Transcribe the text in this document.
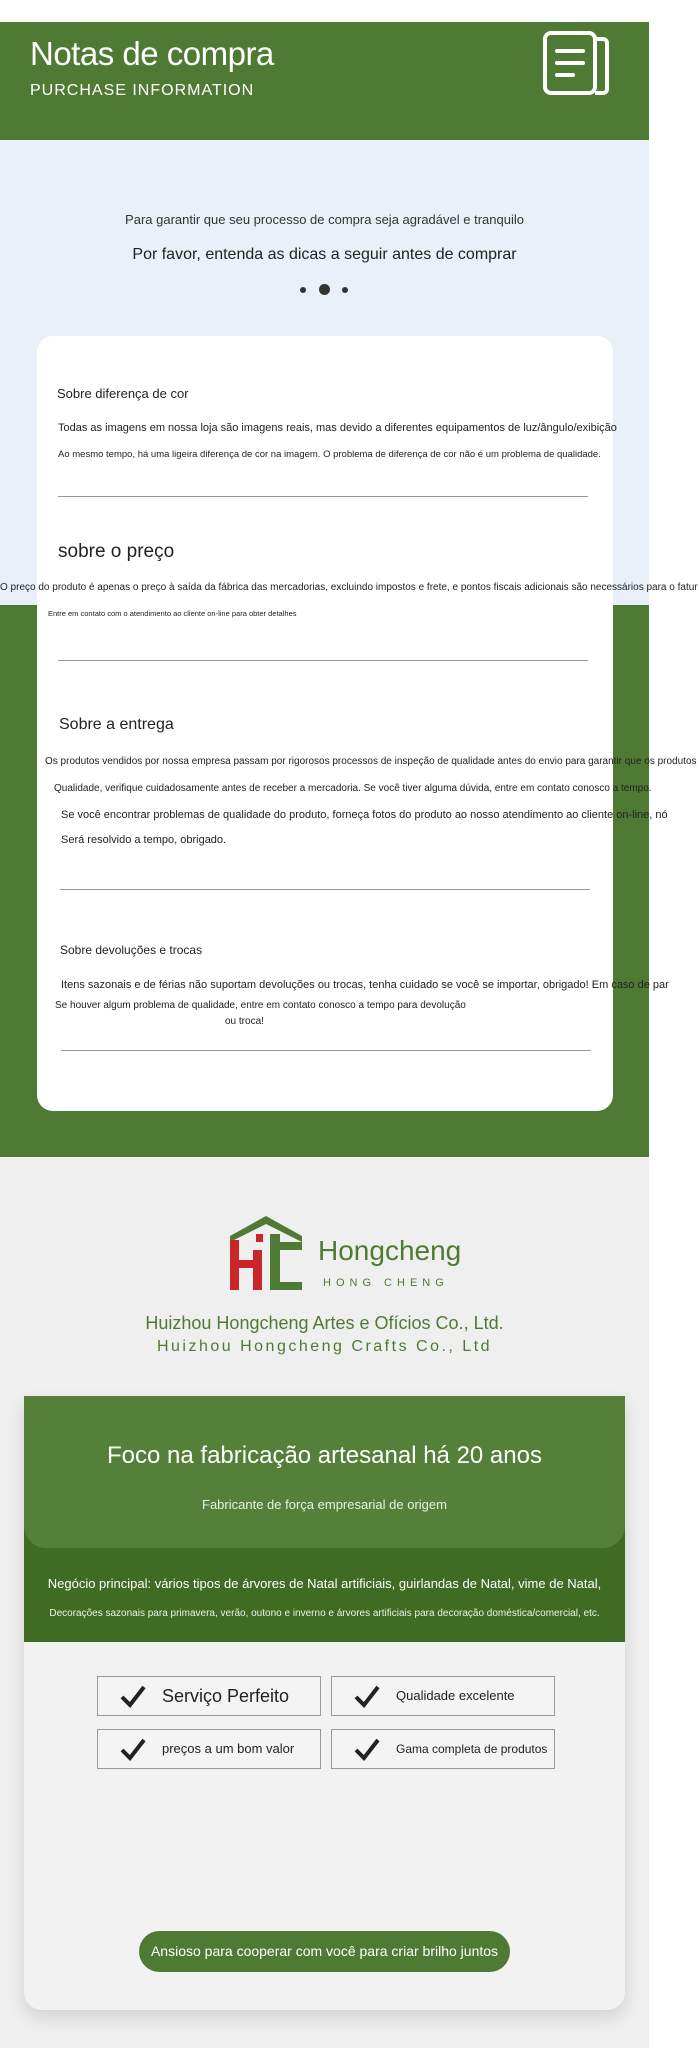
Notas de compra
PURCHASE INFORMATION
Para garantir que seu processo de compra seja agradável e tranquilo
Por favor, entenda as dicas a seguir antes de comprar
Sobre diferença de cor
Todas as imagens em nossa loja são imagens reais, mas devido a diferentes equipamentos de luz/ângulo/exibição
Ao mesmo tempo, há uma ligeira diferença de cor na imagem. O problema de diferença de cor não é um problema de qualidade.
sobre o preço
O preço do produto é apenas o preço à saída da fábrica das mercadorias, excluindo impostos e frete, e pontos fiscais adicionais são necessários para o fatur
Entre em contato com o atendimento ao cliente on-line para obter detalhes
Sobre a entrega
Os produtos vendidos por nossa empresa passam por rigorosos processos de inspeção de qualidade antes do envio para garantir que os produtos
Qualidade, verifique cuidadosamente antes de receber a mercadoria. Se você tiver alguma dúvida, entre em contato conosco a tempo.
Se você encontrar problemas de qualidade do produto, forneça fotos do produto ao nosso atendimento ao cliente on-line, nó
Será resolvido a tempo, obrigado.
Sobre devoluções e trocas
Itens sazonais e de férias não suportam devoluções ou trocas, tenha cuidado se você se importar, obrigado! Em caso de par
Se houver algum problema de qualidade, entre em contato conosco a tempo para devolução
ou troca!
Hongcheng
HONG CHENG
Huizhou Hongcheng Artes e Ofícios Co., Ltd.
Huizhou Hongcheng Crafts Co., Ltd
Foco na fabricação artesanal há 20 anos
Fabricante de força empresarial de origem
Negócio principal: vários tipos de árvores de Natal artificiais, guirlandas de Natal, vime de Natal,
Decorações sazonais para primavera, verão, outono e inverno e árvores artificiais para decoração doméstica/comercial, etc.
Serviço Perfeito	Qualidade excelente
preços a um bom valor	Gama completa de produtos
Ansioso para cooperar com você para criar brilho juntos
